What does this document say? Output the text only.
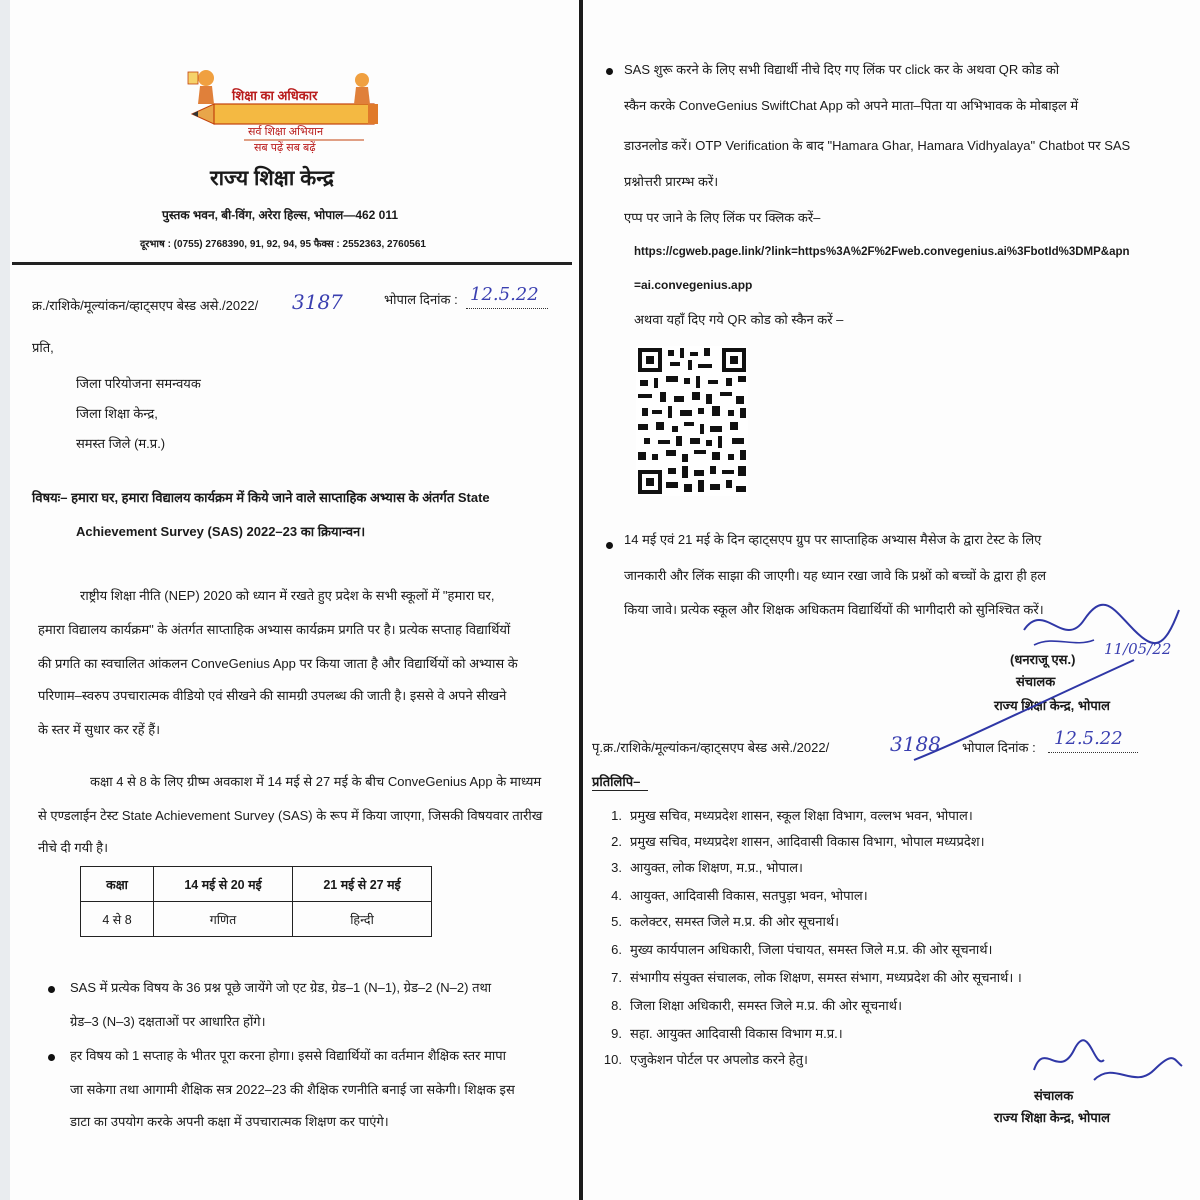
शिक्षा का अधिकार
सर्व शिक्षा अभियान
सब पढ़ें सब बढ़ें
राज्य शिक्षा केन्द्र
पुस्तक भवन, बी-विंग, अरेरा हिल्स, भोपाल—462 011
दूरभाष : (0755) 2768390, 91, 92, 94, 95 फैक्स : 2552363, 2760561
क्र./राशिके/मूल्यांकन/व्हाट्सएप बेस्ड असे./2022/ 3187	भोपाल दिनांक : 12.5.22
प्रति,
जिला परियोजना समन्वयक
जिला शिक्षा केन्द्र,
समस्त जिले (म.प्र.)
विषयः– हमारा घर, हमारा विद्यालय कार्यक्रम में किये जाने वाले साप्ताहिक अभ्यास के अंतर्गत State
Achievement Survey (SAS) 2022–23 का क्रियान्वन।
राष्ट्रीय शिक्षा नीति (NEP) 2020 को ध्यान में रखते हुए प्रदेश के सभी स्कूलों में "हमारा घर,
हमारा विद्यालय कार्यक्रम" के अंतर्गत साप्ताहिक अभ्यास कार्यक्रम प्रगति पर है। प्रत्येक सप्ताह विद्यार्थियों
की प्रगति का स्वचालित आंकलन ConveGenius App पर किया जाता है और विद्यार्थियों को अभ्यास के
परिणाम–स्वरुप उपचारात्मक वीडियो एवं सीखने की सामग्री उपलब्ध की जाती है। इससे वे अपने सीखने
के स्तर में सुधार कर रहें हैं।
कक्षा 4 से 8 के लिए ग्रीष्म अवकाश में 14 मई से 27 मई के बीच ConveGenius App के माध्यम
से एण्डलाईन टेस्ट State Achievement Survey (SAS) के रूप में किया जाएगा, जिसकी विषयवार तारीख
नीचे दी गयी है।
कक्षा	14 मई से 20 मई	21 मई से 27 मई
4 से 8	गणित	हिन्दी
SAS में प्रत्येक विषय के 36 प्रश्न पूछे जायेंगे जो एट ग्रेड, ग्रेड–1 (N–1), ग्रेड–2 (N–2) तथा
ग्रेड–3 (N–3) दक्षताओं पर आधारित होंगे।
हर विषय को 1 सप्ताह के भीतर पूरा करना होगा। इससे विद्यार्थियों का वर्तमान शैक्षिक स्तर मापा
जा सकेगा तथा आगामी शैक्षिक सत्र 2022–23 की शैक्षिक रणनीति बनाई जा सकेगी। शिक्षक इस
डाटा का उपयोग करके अपनी कक्षा में उपचारात्मक शिक्षण कर पाएंगे।
SAS शुरू करने के लिए सभी विद्यार्थी नीचे दिए गए लिंक पर click कर के अथवा QR कोड को
स्कैन करके ConveGenius SwiftChat App को अपने माता–पिता या अभिभावक के मोबाइल में
डाउनलोड करें। OTP Verification के बाद "Hamara Ghar, Hamara Vidhyalaya" Chatbot पर SAS
प्रश्नोत्तरी प्रारम्भ करें।
एप्प पर जाने के लिए लिंक पर क्लिक करें–
https://cgweb.page.link/?link=https%3A%2F%2Fweb.convegenius.ai%3FbotId%3DMP&apn
=ai.convegenius.app
अथवा यहाँ दिए गये QR कोड को स्कैन करें –
14 मई एवं 21 मई के दिन व्हाट्सएप ग्रुप पर साप्ताहिक अभ्यास मैसेज के द्वारा टेस्ट के लिए
जानकारी और लिंक साझा की जाएगी। यह ध्यान रखा जावे कि प्रश्नों को बच्चों के द्वारा ही हल
किया जावे। प्रत्येक स्कूल और शिक्षक अधिकतम विद्यार्थियों की भागीदारी को सुनिश्चित करें।
11/05/22
(धनराजू एस.)
संचालक
राज्य शिक्षा केन्द्र, भोपाल
पृ.क्र./राशिके/मूल्यांकन/व्हाट्सएप बेस्ड असे./2022/	3188 भोपाल दिनांक : 12.5.22
प्रतिलिपि–
1. प्रमुख सचिव, मध्यप्रदेश शासन, स्कूल शिक्षा विभाग, वल्लभ भवन, भोपाल।
2. प्रमुख सचिव, मध्यप्रदेश शासन, आदिवासी विकास विभाग, भोपाल मध्यप्रदेश।
3. आयुक्त, लोक शिक्षण, म.प्र., भोपाल।
4. आयुक्त, आदिवासी विकास, सतपुड़ा भवन, भोपाल।
5. कलेक्टर, समस्त जिले म.प्र. की ओर सूचनार्थ।
6. मुख्य कार्यपालन अधिकारी, जिला पंचायत, समस्त जिले म.प्र. की ओर सूचनार्थ।
7. संभागीय संयुक्त संचालक, लोक शिक्षण, समस्त संभाग, मध्यप्रदेश की ओर सूचनार्थ। ।
8. जिला शिक्षा अधिकारी, समस्त जिले म.प्र. की ओर सूचनार्थ।
9. सहा. आयुक्त आदिवासी विकास विभाग म.प्र.।
10. एजुकेशन पोर्टल पर अपलोड करने हेतु।
संचालक
राज्य शिक्षा केन्द्र, भोपाल
